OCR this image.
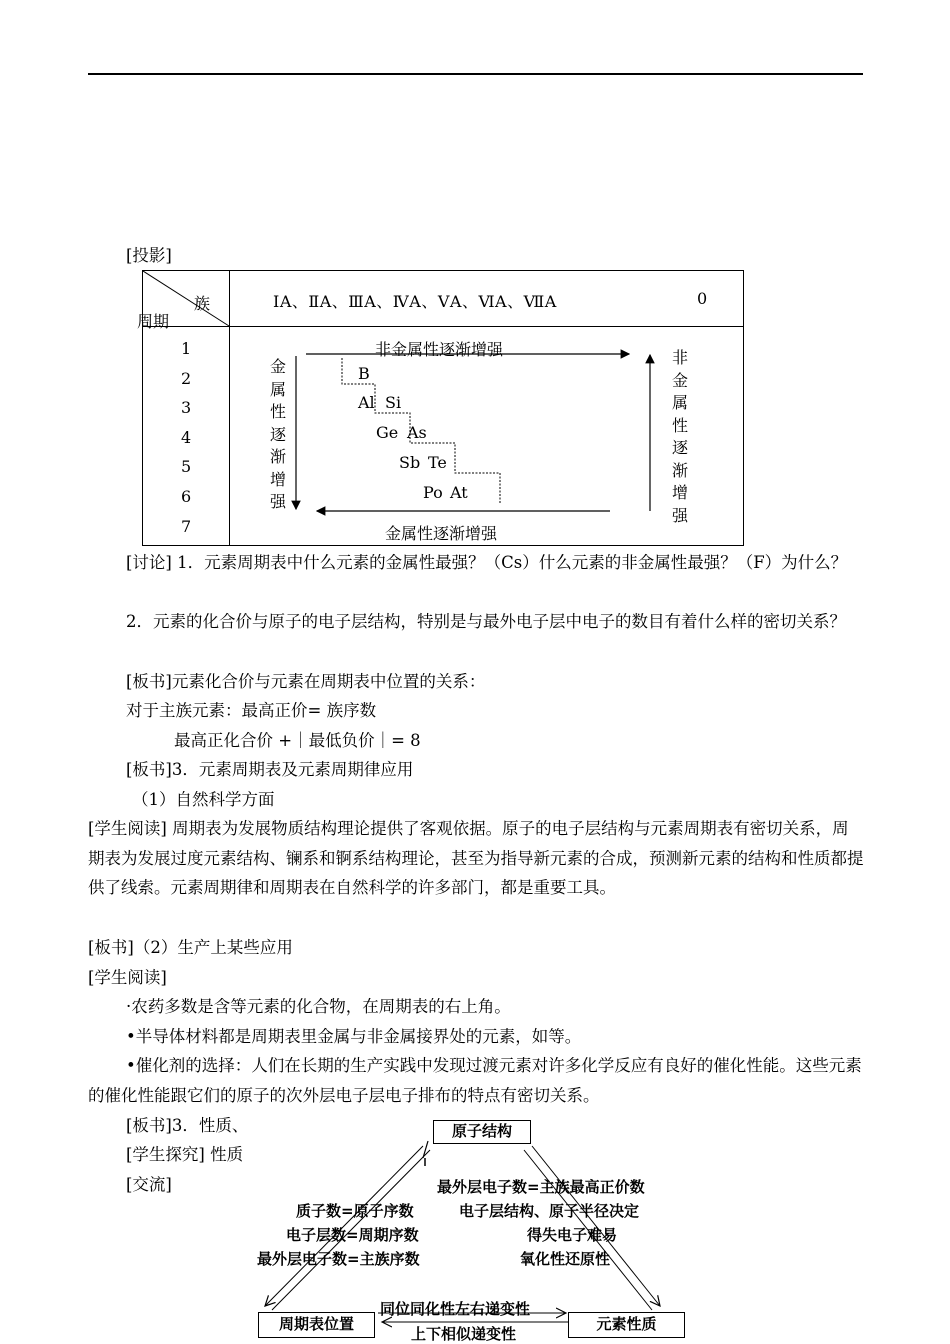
[投影]
族
周期
ⅠA、ⅡA、ⅢA、ⅣA、ⅤA、ⅥA、ⅦA	0
1
2
3
4
5
6
7
非金属性逐渐增强
金属性逐渐增强
金属性逐渐增强
非金属性逐渐增强
B
Al Si
Ge As
Sb Te
Po At
[讨论] 1．元素周期表中什么元素的金属性最强？（Cs）什么元素的非金属性最强？（F）为什么？
2．元素的化合价与原子的电子层结构，特别是与最外电子层中电子的数目有着什么样的密切关系？
[板书]元素化合价与元素在周期表中位置的关系：
对于主族元素：最高正价= 族序数
最高正化合价 +｜最低负价｜= 8
[板书]3．元素周期表及元素周期律应用
（1）自然科学方面
[学生阅读] 周期表为发展物质结构理论提供了客观依据。原子的电子层结构与元素周期表有密切关系，周期表为发展过度元素结构、镧系和锕系结构理论，甚至为指导新元素的合成，预测新元素的结构和性质都提供了线索。元素周期律和周期表在自然科学的许多部门，都是重要工具。
[板书]（2）生产上某些应用
[学生阅读]
·农药多数是含等元素的化合物，在周期表的右上角。
•半导体材料都是周期表里金属与非金属接界处的元素，如等。
•催化剂的选择：人们在长期的生产实践中发现过渡元素对许多化学反应有良好的催化性能。这些元素的催化性能跟它们的原子的次外层电子层电子排布的特点有密切关系。
[板书]3．性质、
[学生探究] 性质
[交流]
原子结构
周期表位置	元素性质
质子数=原子序数
电子层数=周期序数
最外层电子数=主族序数
最外层电子数=主族最高正价数
电子层结构、原子半径决定
得失电子难易
氧化性还原性
同位同化性左右递变性
上下相似递变性
